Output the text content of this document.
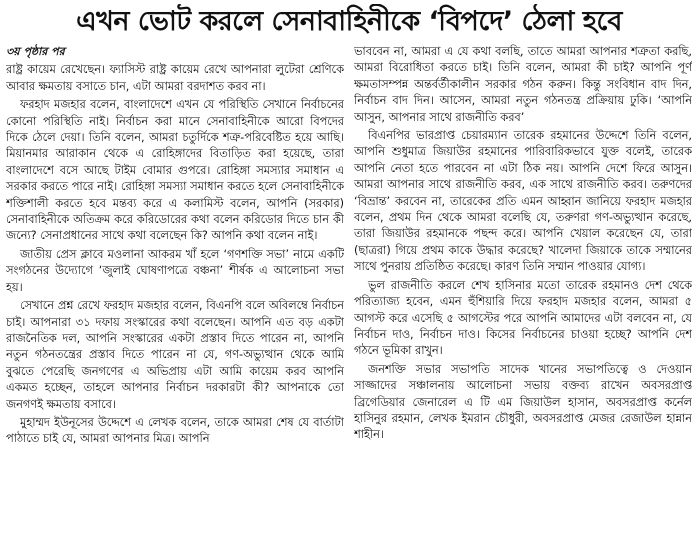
এখন ভোট করলে সেনাবাহিনীকে ‘বিপদে’ ঠেলা হবে
৩য় পৃষ্ঠার পর

রাষ্ট্র কায়েম রেখেছেন। ফ্যাসিস্ট রাষ্ট্র কায়েম রেখে আপনারা লুটেরা শ্রেণিকে আবার ক্ষমতায় বসাতে চান, এটা আমরা বরদাশত করব না।

ফরহাদ মজহার বলেন, বাংলাদেশে এখন যে পরিস্থিতি সেখানে নির্বাচনের কোনো পরিস্থিতি নাই। নির্বাচন করা মানে সেনাবাহিনীকে আরো বিপদের দিকে ঠেলে দেয়া। তিনি বলেন, আমরা চতুর্দিকে শত্রু-পরিবেষ্টিত হয়ে আছি। মিয়ানমার আরাকান থেকে এ রোহিঙ্গাদের বিতাড়িত করা হয়েছে, তারা বাংলাদেশে বসে আছে টাইম বোমার গুপরে। রোহিঙ্গা সমস্যার সমাধান এ সরকার করতে পারে নাই। রোহিঙ্গা সমস্যা সমাধান করতে হলে সেনাবাহিনীকে শক্তিশালী করতে হবে মন্তব্য করে এ কলামিস্ট বলেন, আপনি (সরকার) সেনাবাহিনীকে অতিক্রম করে করিডোরের কথা বলেন করিডোর দিতে চান কী জন্যে? সেনাপ্রধানের সাথে কথা বলেছেন কি? আপনি কথা বলেন নাই।

জাতীয় প্রেস ক্লাবে মওলানা আকরম খাঁ হলে ‘গণশক্তি সভা’ নামে একটি সংগঠনের উদ্যোগে ‘জুলাই ঘোষণাপত্রে বঞ্চনা’ শীর্ষক এ আলোচনা সভা হয়।

সেখানে প্রশ্ন রেখে ফরহাদ মজহার বলেন, বিএনপি বলে অবিলম্বে নির্বাচন চাই। আপনারা ৩১ দফায় সংস্কারের কথা বলেছেন। আপনি এত বড় একটা রাজনৈতিক দল, আপনি সংস্কারের একটা প্রস্তাব দিতে পারেন না, আপনি নতুন গঠনতন্ত্রের প্রস্তাব দিতে পারেন না যে, গণ-অভ্যুত্থান থেকে আমি বুঝতে পেরেছি জনগণের এ অভিপ্রায় এটা আমি কায়েম করব আপনি একমত হচ্ছেন, তাহলে আপনার নির্বাচন দরকারটা কী? আপনাকে তো জনগণই ক্ষমতায় বসাবে।

মুহাম্মদ ইউনূসের উদ্দেশে এ লেখক বলেন, তাকে আমরা শেষ যে বার্তাটা পাঠাতে চাই যে, আমরা আপনার মিত্র। আপনি

ভাববেন না, আমরা এ যে কথা বলছি, তাতে আমরা আপনার শত্রুতা করছি, আমরা বিরোধিতা করতে চাই। তিনি বলেন, আমরা কী চাই? আপনি পূর্ণ ক্ষমতাসম্পন্ন অন্তর্বর্তীকালীন সরকার গঠন করুন। কিন্তু সংবিধান বাদ দিন, নির্বাচন বাদ দিন। আসেন, আমরা নতুন গঠনতন্ত্র প্রক্রিয়ায় ঢুকি। ‘আপনি আসুন, আপনার সাথে রাজনীতি করব’

বিএনপির ভারপ্রাপ্ত চেয়ারম্যান তারেক রহমানের উদ্দেশে তিনি বলেন, আপনি শুধুমাত্র জিয়াউর রহমানের পারিবারিকভাবে যুক্ত বলেই, তারেক আপনি নেতা হতে পারবেন না এটা ঠিক নয়। আপনি দেশে ফিরে আসুন। আমরা আপনার সাথে রাজনীতি করব, এক সাথে রাজনীতি করব। তরুণদের ‘বিভ্রান্ত’ করবেন না, তারেকের প্রতি এমন আহ্বান জানিয়ে ফরহাদ মজহার বলেন, প্রথম দিন থেকে আমরা বলেছি যে, তরুণরা গণ-অভ্যুত্থান করেছে, তারা জিয়াউর রহমানকে পছন্দ করে। আপনি খেয়াল করেছেন যে, তারা (ছাত্ররা) গিয়ে প্রথম কাকে উদ্ধার করেছে? খালেদা জিয়াকে তাকে সম্মানের সাথে পুনরায় প্রতিষ্ঠিত করেছে। কারণ তিনি সম্মান পাওয়ার যোগ্য।

ভুল রাজনীতি করলে শেখ হাসিনার মতো তারেক রহমানও দেশ থেকে পরিত্যাজ্য হবেন, এমন হুঁশিয়ারি দিয়ে ফরহাদ মজহার বলেন, আমরা ৫ আগস্ট করে এসেছি ৫ আগস্টের পরে আপনি আমাদের এটা বলবেন না, যে নির্বাচন দাও, নির্বাচন দাও। কিসের নির্বাচনের চাওয়া হচ্ছে? আপনি দেশ গঠনে ভূমিকা রাখুন।

জনশক্তি সভার সভাপতি সাদেক খানের সভাপতিত্বে ও দেওয়ান সাজ্জাদের সঞ্চালনায় আলোচনা সভায় বক্তব্য রাখেন অবসরপ্রাপ্ত ব্রিগেডিয়ার জেনারেল এ টি এম জিয়াউল হাসান, অবসরপ্রাপ্ত কর্নেল হাসিনুর রহমান, লেখক ইমরান চৌধুরী, অবসরপ্রাপ্ত মেজর রেজাউল হান্নান শাহীন।
